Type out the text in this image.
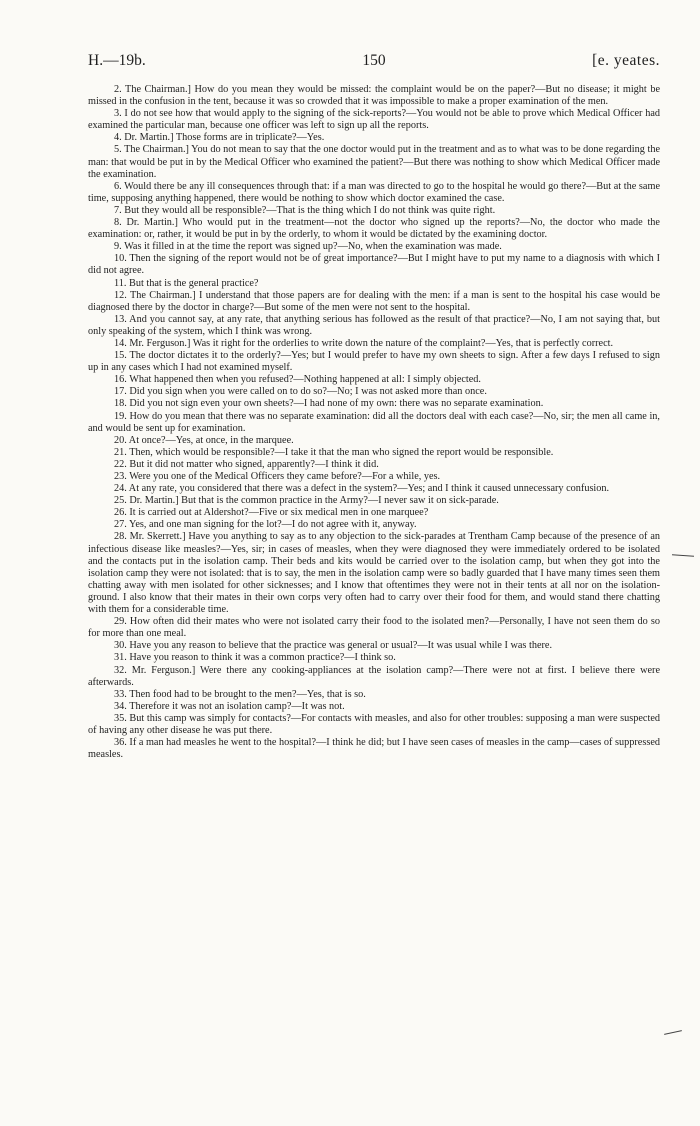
H.—19b.	150	[e. yeates.

2. The Chairman.] How do you mean they would be missed: the complaint would be on the paper?—But no disease; it might be missed in the confusion in the tent, because it was so crowded that it was impossible to make a proper examination of the men.

3. I do not see how that would apply to the signing of the sick-reports?—You would not be able to prove which Medical Officer had examined the particular man, because one officer was left to sign up all the reports.

4. Dr. Martin.] Those forms are in triplicate?—Yes.

5. The Chairman.] You do not mean to say that the one doctor would put in the treatment and as to what was to be done regarding the man: that would be put in by the Medical Officer who examined the patient?—But there was nothing to show which Medical Officer made the examination.

6. Would there be any ill consequences through that: if a man was directed to go to the hospital he would go there?—But at the same time, supposing anything happened, there would be nothing to show which doctor examined the case.

7. But they would all be responsible?—That is the thing which I do not think was quite right.

8. Dr. Martin.] Who would put in the treatment—not the doctor who signed up the reports?—No, the doctor who made the examination: or, rather, it would be put in by the orderly, to whom it would be dictated by the examining doctor.

9. Was it filled in at the time the report was signed up?—No, when the examination was made.

10. Then the signing of the report would not be of great importance?—But I might have to put my name to a diagnosis with which I did not agree.

11. But that is the general practice?

12. The Chairman.] I understand that those papers are for dealing with the men: if a man is sent to the hospital his case would be diagnosed there by the doctor in charge?—But some of the men were not sent to the hospital.

13. And you cannot say, at any rate, that anything serious has followed as the result of that practice?—No, I am not saying that, but only speaking of the system, which I think was wrong.

14. Mr. Ferguson.] Was it right for the orderlies to write down the nature of the complaint?—Yes, that is perfectly correct.

15. The doctor dictates it to the orderly?—Yes; but I would prefer to have my own sheets to sign. After a few days I refused to sign up in any cases which I had not examined myself.

16. What happened then when you refused?—Nothing happened at all: I simply objected.

17. Did you sign when you were called on to do so?—No; I was not asked more than once.

18. Did you not sign even your own sheets?—I had none of my own: there was no separate examination.

19. How do you mean that there was no separate examination: did all the doctors deal with each case?—No, sir; the men all came in, and would be sent up for examination.

20. At once?—Yes, at once, in the marquee.

21. Then, which would be responsible?—I take it that the man who signed the report would be responsible.

22. But it did not matter who signed, apparently?—I think it did.

23. Were you one of the Medical Officers they came before?—For a while, yes.

24. At any rate, you considered that there was a defect in the system?—Yes; and I think it caused unnecessary confusion.

25. Dr. Martin.] But that is the common practice in the Army?—I never saw it on sick-parade.

26. It is carried out at Aldershot?—Five or six medical men in one marquee?

27. Yes, and one man signing for the lot?—I do not agree with it, anyway.

28. Mr. Skerrett.] Have you anything to say as to any objection to the sick-parades at Trentham Camp because of the presence of an infectious disease like measles?—Yes, sir; in cases of measles, when they were diagnosed they were immediately ordered to be isolated and the contacts put in the isolation camp. Their beds and kits would be carried over to the isolation camp, but when they got into the isolation camp they were not isolated: that is to say, the men in the isolation camp were so badly guarded that I have many times seen them chatting away with men isolated for other sicknesses; and I know that oftentimes they were not in their tents at all nor on the isolation-ground. I also know that their mates in their own corps very often had to carry over their food for them, and would stand there chatting with them for a considerable time.

29. How often did their mates who were not isolated carry their food to the isolated men?—Personally, I have not seen them do so for more than one meal.

30. Have you any reason to believe that the practice was general or usual?—It was usual while I was there.

31. Have you reason to think it was a common practice?—I think so.

32. Mr. Ferguson.] Were there any cooking-appliances at the isolation camp?—There were not at first. I believe there were afterwards.

33. Then food had to be brought to the men?—Yes, that is so.

34. Therefore it was not an isolation camp?—It was not.

35. But this camp was simply for contacts?—For contacts with measles, and also for other troubles: supposing a man were suspected of having any other disease he was put there.

36. If a man had measles he went to the hospital?—I think he did; but I have seen cases of measles in the camp—cases of suppressed measles.
